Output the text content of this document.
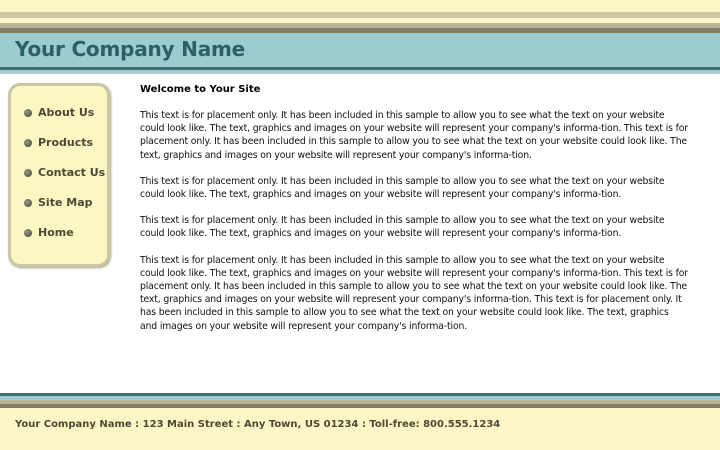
Your Company Name
About Us
Products
Contact Us
Site Map
Home
Welcome to Your Site

This text is for placement only. It has been included in this sample to allow you to see what the text on your website could look like. The text, graphics and images on your website will represent your company's informa-tion. This text is for placement only. It has been included in this sample to allow you to see what the text on your website could look like. The text, graphics and images on your website will represent your company's informa-tion.

This text is for placement only. It has been included in this sample to allow you to see what the text on your website could look like. The text, graphics and images on your website will represent your company's informa-tion.

This text is for placement only. It has been included in this sample to allow you to see what the text on your website could look like. The text, graphics and images on your website will represent your company's informa-tion.

This text is for placement only. It has been included in this sample to allow you to see what the text on your website could look like. The text, graphics and images on your website will represent your company's informa-tion. This text is for placement only. It has been included in this sample to allow you to see what the text on your website could look like. The text, graphics and images on your website will represent your company's informa-tion. This text is for placement only. It has been included in this sample to allow you to see what the text on your website could look like. The text, graphics and images on your website will represent your company's informa-tion.

Your Company Name : 123 Main Street : Any Town, US 01234 : Toll-free: 800.555.1234
